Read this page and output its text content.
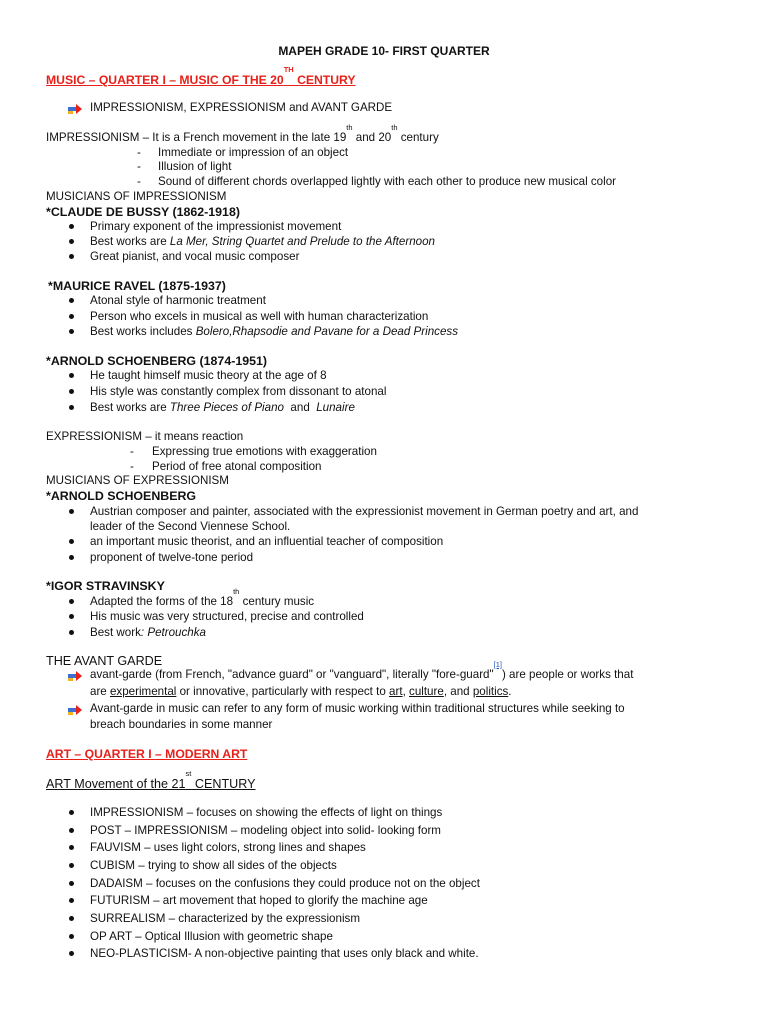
MAPEH GRADE 10- FIRST QUARTER
MUSIC – QUARTER I – MUSIC OF THE 20TH CENTURY
IMPRESSIONISM, EXPRESSIONISM and AVANT GARDE
IMPRESSIONISM – It is a French movement in the late 19th and 20th century
- Immediate or impression of an object
- Illusion of light
- Sound of different chords overlapped lightly with each other to produce new musical color
MUSICIANS OF IMPRESSIONISM
*CLAUDE DE BUSSY (1862-1918)
Primary exponent of the impressionist movement
Best works are La Mer, String Quartet and Prelude to the Afternoon
Great pianist, and vocal music composer
*MAURICE RAVEL (1875-1937)
Atonal style of harmonic treatment
Person who excels in musical as well with human characterization
Best works includes Bolero,Rhapsodie and Pavane for a Dead Princess
*ARNOLD SCHOENBERG (1874-1951)
He taught himself music theory at the age of 8
His style was constantly complex from dissonant to atonal
Best works are Three Pieces of Piano  and  Lunaire
EXPRESSIONISM – it means reaction
- Expressing true emotions with exaggeration
- Period of free atonal composition
MUSICIANS OF EXPRESSIONISM
*ARNOLD SCHOENBERG
Austrian composer and painter, associated with the expressionist movement in German poetry and art, and
leader of the Second Viennese School.
an important music theorist, and an influential teacher of composition
proponent of twelve-tone period
*IGOR STRAVINSKY
Adapted the forms of the 18th century music
His music was very structured, precise and controlled
Best work: Petrouchka
THE AVANT GARDE
avant-garde (from French, "advance guard" or "vanguard", literally "fore-guard"[1]) are people or works that
are experimental or innovative, particularly with respect to art, culture, and politics.
Avant-garde in music can refer to any form of music working within traditional structures while seeking to
breach boundaries in some manner
ART – QUARTER I – MODERN ART
ART Movement of the 21st CENTURY
IMPRESSIONISM – focuses on showing the effects of light on things
POST – IMPRESSIONISM – modeling object into solid- looking form
FAUVISM – uses light colors, strong lines and shapes
CUBISM – trying to show all sides of the objects
DADAISM – focuses on the confusions they could produce not on the object
FUTURISM – art movement that hoped to glorify the machine age
SURREALISM – characterized by the expressionism
OP ART – Optical Illusion with geometric shape
NEO-PLASTICISM- A non-objective painting that uses only black and white.
